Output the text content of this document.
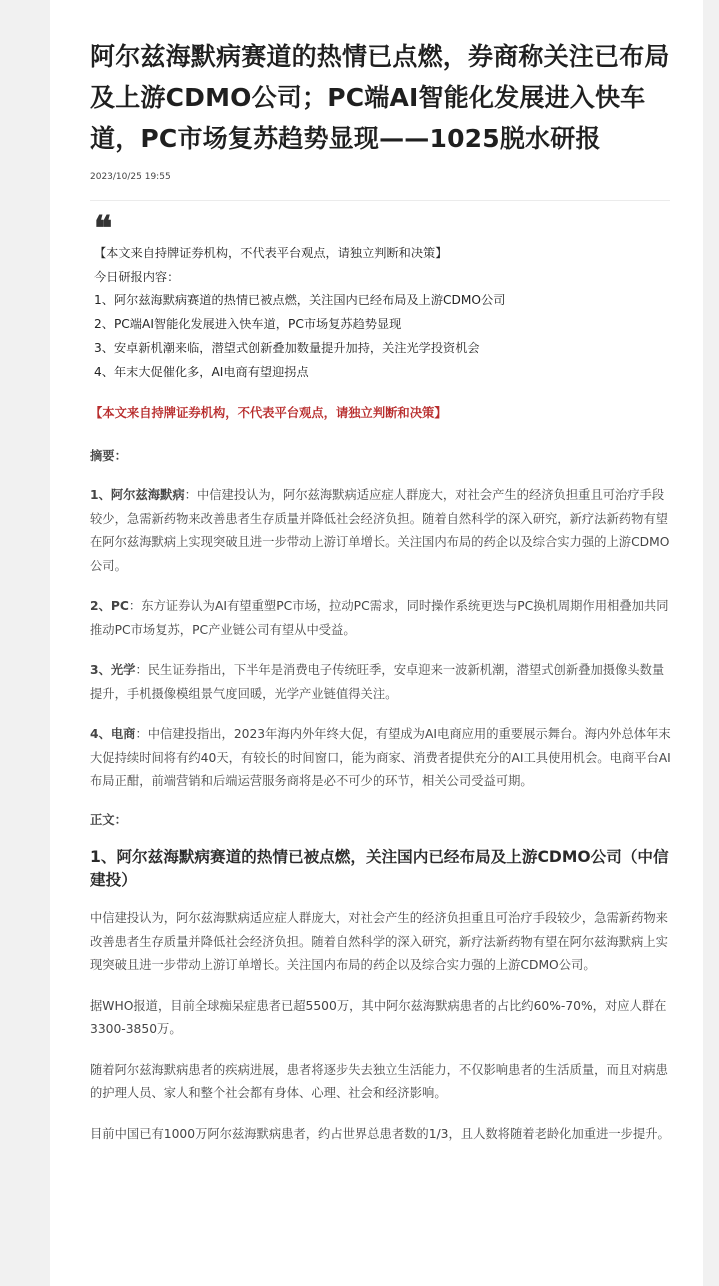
阿尔兹海默病赛道的热情已点燃，券商称关注已布局及上游CDMO公司；PC端AI智能化发展进入快车道，PC市场复苏趋势显现——1025脱水研报
2023/10/25 19:55
❝
【本文来自持牌证券机构，不代表平台观点，请独立判断和决策】
今日研报内容：
1、阿尔兹海默病赛道的热情已被点燃，关注国内已经布局及上游CDMO公司
2、PC端AI智能化发展进入快车道，PC市场复苏趋势显现
3、安卓新机潮来临，潜望式创新叠加数量提升加持，关注光学投资机会
4、年末大促催化多，AI电商有望迎拐点

【本文来自持牌证券机构，不代表平台观点，请独立判断和决策】

摘要：

1、阿尔兹海默病：中信建投认为，阿尔兹海默病适应症人群庞大，对社会产生的经济负担重且可治疗手段较少，急需新药物来改善患者生存质量并降低社会经济负担。随着自然科学的深入研究，新疗法新药物有望在阿尔兹海默病上实现突破且进一步带动上游订单增长。关注国内布局的药企以及综合实力强的上游CDMO公司。

2、PC：东方证券认为AI有望重塑PC市场，拉动PC需求，同时操作系统更迭与PC换机周期作用相叠加共同推动PC市场复苏，PC产业链公司有望从中受益。

3、光学：民生证券指出，下半年是消费电子传统旺季，安卓迎来一波新机潮，潜望式创新叠加摄像头数量提升，手机摄像模组景气度回暖，光学产业链值得关注。

4、电商：中信建投指出，2023年海内外年终大促，有望成为AI电商应用的重要展示舞台。海内外总体年末大促持续时间将有约40天，有较长的时间窗口，能为商家、消费者提供充分的AI工具使用机会。电商平台AI布局正酣，前端营销和后端运营服务商将是必不可少的环节，相关公司受益可期。

正文：

1、阿尔兹海默病赛道的热情已被点燃，关注国内已经布局及上游CDMO公司（中信建投）

中信建投认为，阿尔兹海默病适应症人群庞大，对社会产生的经济负担重且可治疗手段较少，急需新药物来改善患者生存质量并降低社会经济负担。随着自然科学的深入研究，新疗法新药物有望在阿尔兹海默病上实现突破且进一步带动上游订单增长。关注国内布局的药企以及综合实力强的上游CDMO公司。

据WHO报道，目前全球痴呆症患者已超5500万，其中阿尔兹海默病患者的占比约60%-70%，对应人群在3300-3850万。

随着阿尔兹海默病患者的疾病进展，患者将逐步失去独立生活能力，不仅影响患者的生活质量，而且对病患的护理人员、家人和整个社会都有身体、心理、社会和经济影响。

目前中国已有1000万阿尔兹海默病患者，约占世界总患者数的1/3，且人数将随着老龄化加重进一步提升。
